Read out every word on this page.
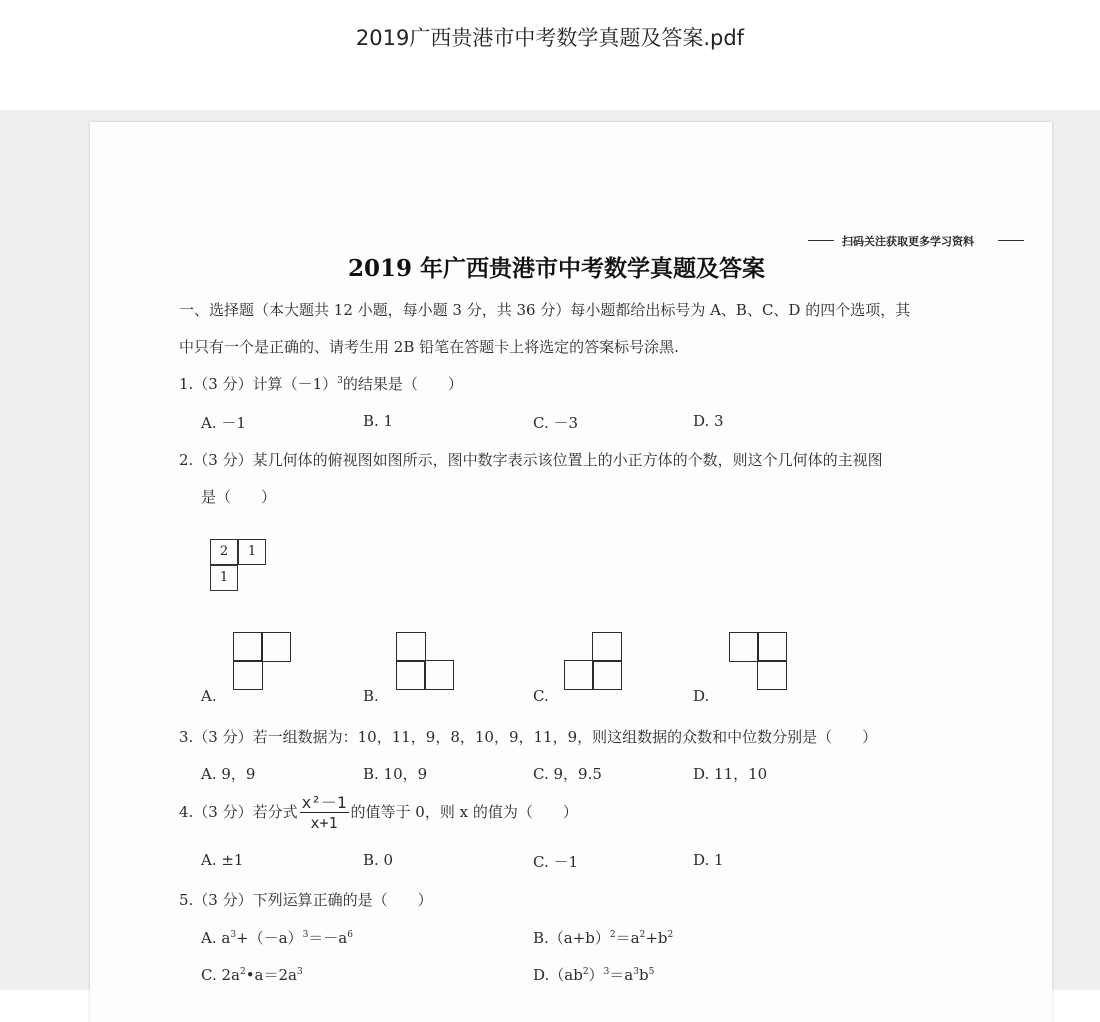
2019广西贵港市中考数学真题及答案.pdf
扫码关注获取更多学习资料
2019 年广西贵港市中考数学真题及答案
一、选择题（本大题共 12 小题，每小题 3 分，共 36 分）每小题都给出标号为 A、B、C、D 的四个选项，其
中只有一个是正确的、请考生用 2B 铅笔在答题卡上将选定的答案标号涂黑.
1.（3 分）计算$(-1)^3$的结果是（　　）
A. －1	B. 1	C. －3	D. 3
2.（3 分）某几何体的俯视图如图所示，图中数字表示该位置上的小正方体的个数，则这个几何体的主视图
是（　　）
2	1
1
A.	B.	C.	D.
3.（3 分）若一组数据为：10，11，9，8，10，9，11，9，则这组数据的众数和中位数分别是（　　）
A. 9，9	B. 10，9	C. 9，9.5	D. 11，10
4.（3 分）若分式 $\frac{\text{x²－1}}{x+1}$ 的值等于 0，则 x 的值为（　　）
A. ±1	B. 0	C. －1	D. 1
5.（3 分）下列运算正确的是（　　）
A. $a^3+(-a)^3=-a^6$	$B.(a+b)^2=a^2+b^2$
C. $2a^2•a=2a^3$	$D.(ab^2)^3=a^3b^5$
